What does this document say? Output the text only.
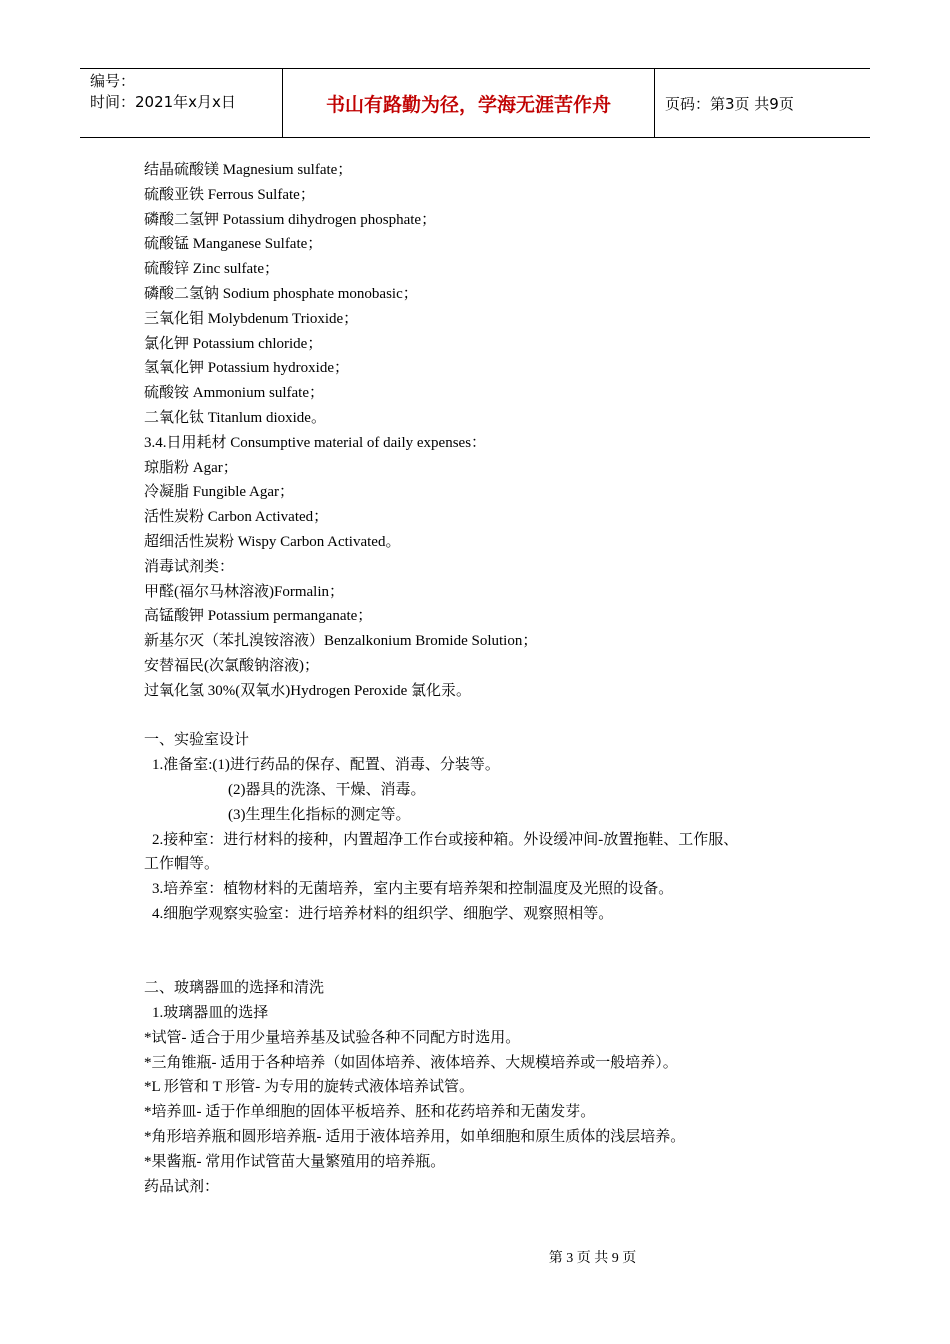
编号：
时间：2021年x月x日	书山有路勤为径，学海无涯苦作舟	页码：第3页 共9页
结晶硫酸镁 Magnesium sulfate；
硫酸亚铁 Ferrous Sulfate；
磷酸二氢钾 Potassium dihydrogen phosphate；
硫酸锰 Manganese Sulfate；
硫酸锌 Zinc sulfate；
磷酸二氢钠 Sodium phosphate monobasic；
三氧化钼 Molybdenum Trioxide；
氯化钾 Potassium chloride；
氢氧化钾 Potassium hydroxide；
硫酸铵 Ammonium sulfate；
二氧化钛 Titanlum dioxide。
3.4.日用耗材 Consumptive material of daily expenses：
琼脂粉 Agar；
冷凝脂 Fungible Agar；
活性炭粉 Carbon Activated；
超细活性炭粉 Wispy Carbon Activated。
消毒试剂类：
甲醛(福尔马林溶液)Formalin；
高锰酸钾 Potassium permanganate；
新基尔灭（苯扎溴铵溶液）Benzalkonium Bromide Solution；
安替福民(次氯酸钠溶液)；
过氧化氢 30%(双氧水)Hydrogen Peroxide 氯化汞。
一、实验室设计
1.准备室:(1)进行药品的保存、配置、消毒、分装等。
(2)器具的洗涤、干燥、消毒。
(3)生理生化指标的测定等。
2.接种室：进行材料的接种，内置超净工作台或接种箱。外设缓冲间-放置拖鞋、工作服、
工作帽等。
3.培养室：植物材料的无菌培养，室内主要有培养架和控制温度及光照的设备。
4.细胞学观察实验室：进行培养材料的组织学、细胞学、观察照相等。
二、玻璃器皿的选择和清洗
1.玻璃器皿的选择
*试管- 适合于用少量培养基及试验各种不同配方时选用。
*三角锥瓶- 适用于各种培养（如固体培养、液体培养、大规模培养或一般培养）。
*L 形管和 T 形管- 为专用的旋转式液体培养试管。
*培养皿- 适于作单细胞的固体平板培养、胚和花药培养和无菌发芽。
*角形培养瓶和圆形培养瓶- 适用于液体培养用，如单细胞和原生质体的浅层培养。
*果酱瓶- 常用作试管苗大量繁殖用的培养瓶。
药品试剂：
第 3 页 共 9 页
